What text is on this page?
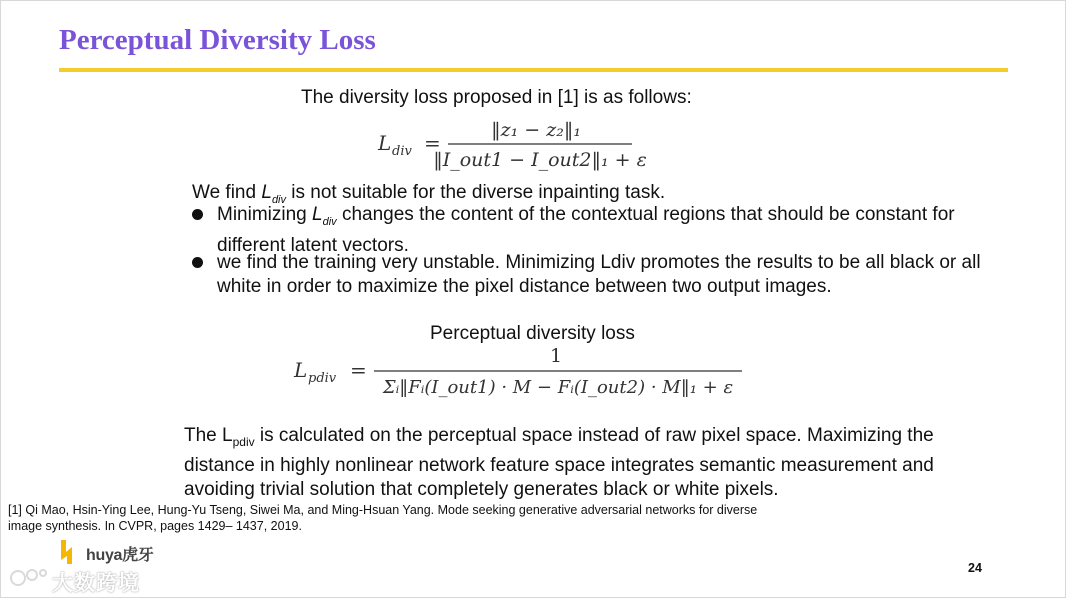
Perceptual Diversity Loss
The diversity loss proposed in [1] is as follows:
L div =
‖z₁ − z₂‖₁
‖I_out1 − I_out2‖₁ + ε
We find $L_{div}$ is not suitable for the diverse inpainting task.
Minimizing $L_{div}$ changes the content of the contextual regions that should be constant for different latent vectors.
we find the training very unstable. Minimizing Ldiv promotes the results to be all black or all white in order to maximize the pixel distance between two output images.
Perceptual diversity loss
L pdiv =
1
Σᵢ‖Fᵢ(I_out1) · M − Fᵢ(I_out2) · M‖₁ + ε
The $L_{pdiv}$ is calculated on the perceptual space instead of raw pixel space. Maximizing the distance in highly nonlinear network feature space integrates semantic measurement and avoiding trivial solution that completely generates black or white pixels.
[1] Qi Mao, Hsin-Ying Lee, Hung-Yu Tseng, Siwei Ma, and Ming-Hsuan Yang. Mode seeking generative adversarial networks for diverse image synthesis. In CVPR, pages 1429– 1437, 2019.
huya虎牙
大数跨境
24
